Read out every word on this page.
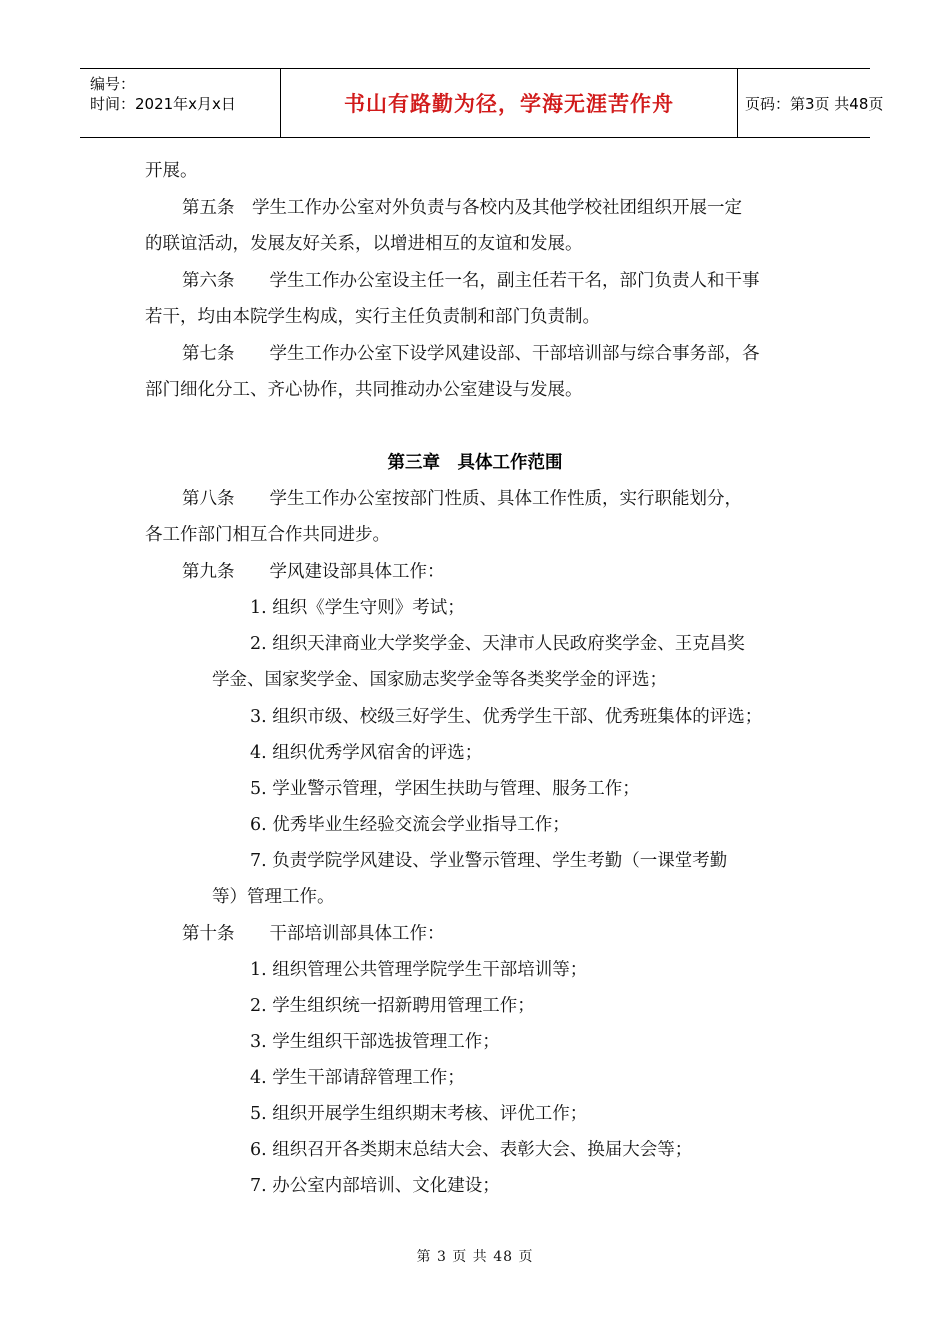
编号：
时间：2021年x月x日	书山有路勤为径，学海无涯苦作舟	页码：第3页 共48页
开展。
第五条　学生工作办公室对外负责与各校内及其他学校社团组织开展一定
的联谊活动，发展友好关系，以增进相互的友谊和发展。
第六条　　学生工作办公室设主任一名，副主任若干名，部门负责人和干事
若干，均由本院学生构成，实行主任负责制和部门负责制。
第七条　　学生工作办公室下设学风建设部、干部培训部与综合事务部，各
部门细化分工、齐心协作，共同推动办公室建设与发展。
第三章　具体工作范围
第八条　　学生工作办公室按部门性质、具体工作性质，实行职能划分，
各工作部门相互合作共同进步。
第九条　　学风建设部具体工作：
1. 组织《学生守则》考试；
2. 组织天津商业大学奖学金、天津市人民政府奖学金、王克昌奖
学金、国家奖学金、国家励志奖学金等各类奖学金的评选；
3. 组织市级、校级三好学生、优秀学生干部、优秀班集体的评选；
4. 组织优秀学风宿舍的评选；
5. 学业警示管理，学困生扶助与管理、服务工作；
6. 优秀毕业生经验交流会学业指导工作；
7. 负责学院学风建设、学业警示管理、学生考勤（一课堂考勤
等）管理工作。
第十条　　干部培训部具体工作：
1. 组织管理公共管理学院学生干部培训等；
2. 学生组织统一招新聘用管理工作；
3. 学生组织干部选拔管理工作；
4. 学生干部请辞管理工作；
5. 组织开展学生组织期末考核、评优工作；
6. 组织召开各类期末总结大会、表彰大会、换届大会等；
7. 办公室内部培训、文化建设；
第 3 页 共 48 页
